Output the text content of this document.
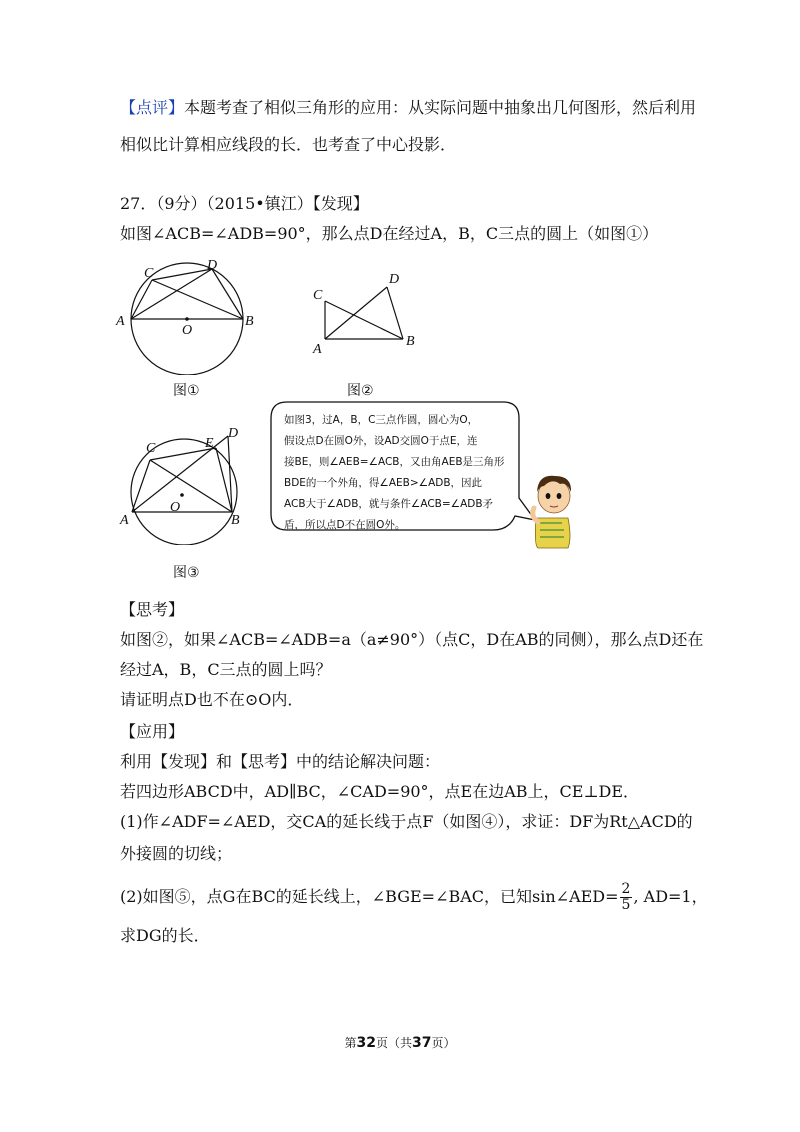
【点评】本题考查了相似三角形的应用：从实际问题中抽象出几何图形，然后利用
相似比计算相应线段的长．也考查了中心投影．
27．（9分）（2015•镇江）【发现】
如图∠ACB=∠ADB=90°，那么点D在经过A，B，C三点的圆上（如图①）
C
D
A
O
B
图①
C
D
A
B
图②
C	E
D
O
A	B
图③
如图3，过A，B，C三点作圆，圆心为O，
假设点D在圆O外，设AD交圆O于点E，连
接BE，则∠AEB=∠ACB，又由角AEB是三角形
BDE的一个外角，得∠AEB>∠ADB，因此
ACB大于∠ADB，就与条件∠ACB=∠ADB矛
盾，所以点D不在圆O外。
【思考】
如图②，如果∠ACB=∠ADB=a（a≠90°）（点C，D在AB的同侧），那么点D还在
经过A，B，C三点的圆上吗？
请证明点D也不在⊙O内．
【应用】
利用【发现】和【思考】中的结论解决问题：
若四边形ABCD中，AD∥BC，∠CAD=90°，点E在边AB上，CE⊥DE．
(1)作∠ADF=∠AED，交CA的延长线于点F（如图④），求证：DF为Rt△ACD的
外接圆的切线；
(2)如图⑤，点G在BC的延长线上，∠BGE=∠BAC，已知sin∠AED= $\frac{2}{5}$ , AD=1，
求DG的长．
第32页（共37页）
